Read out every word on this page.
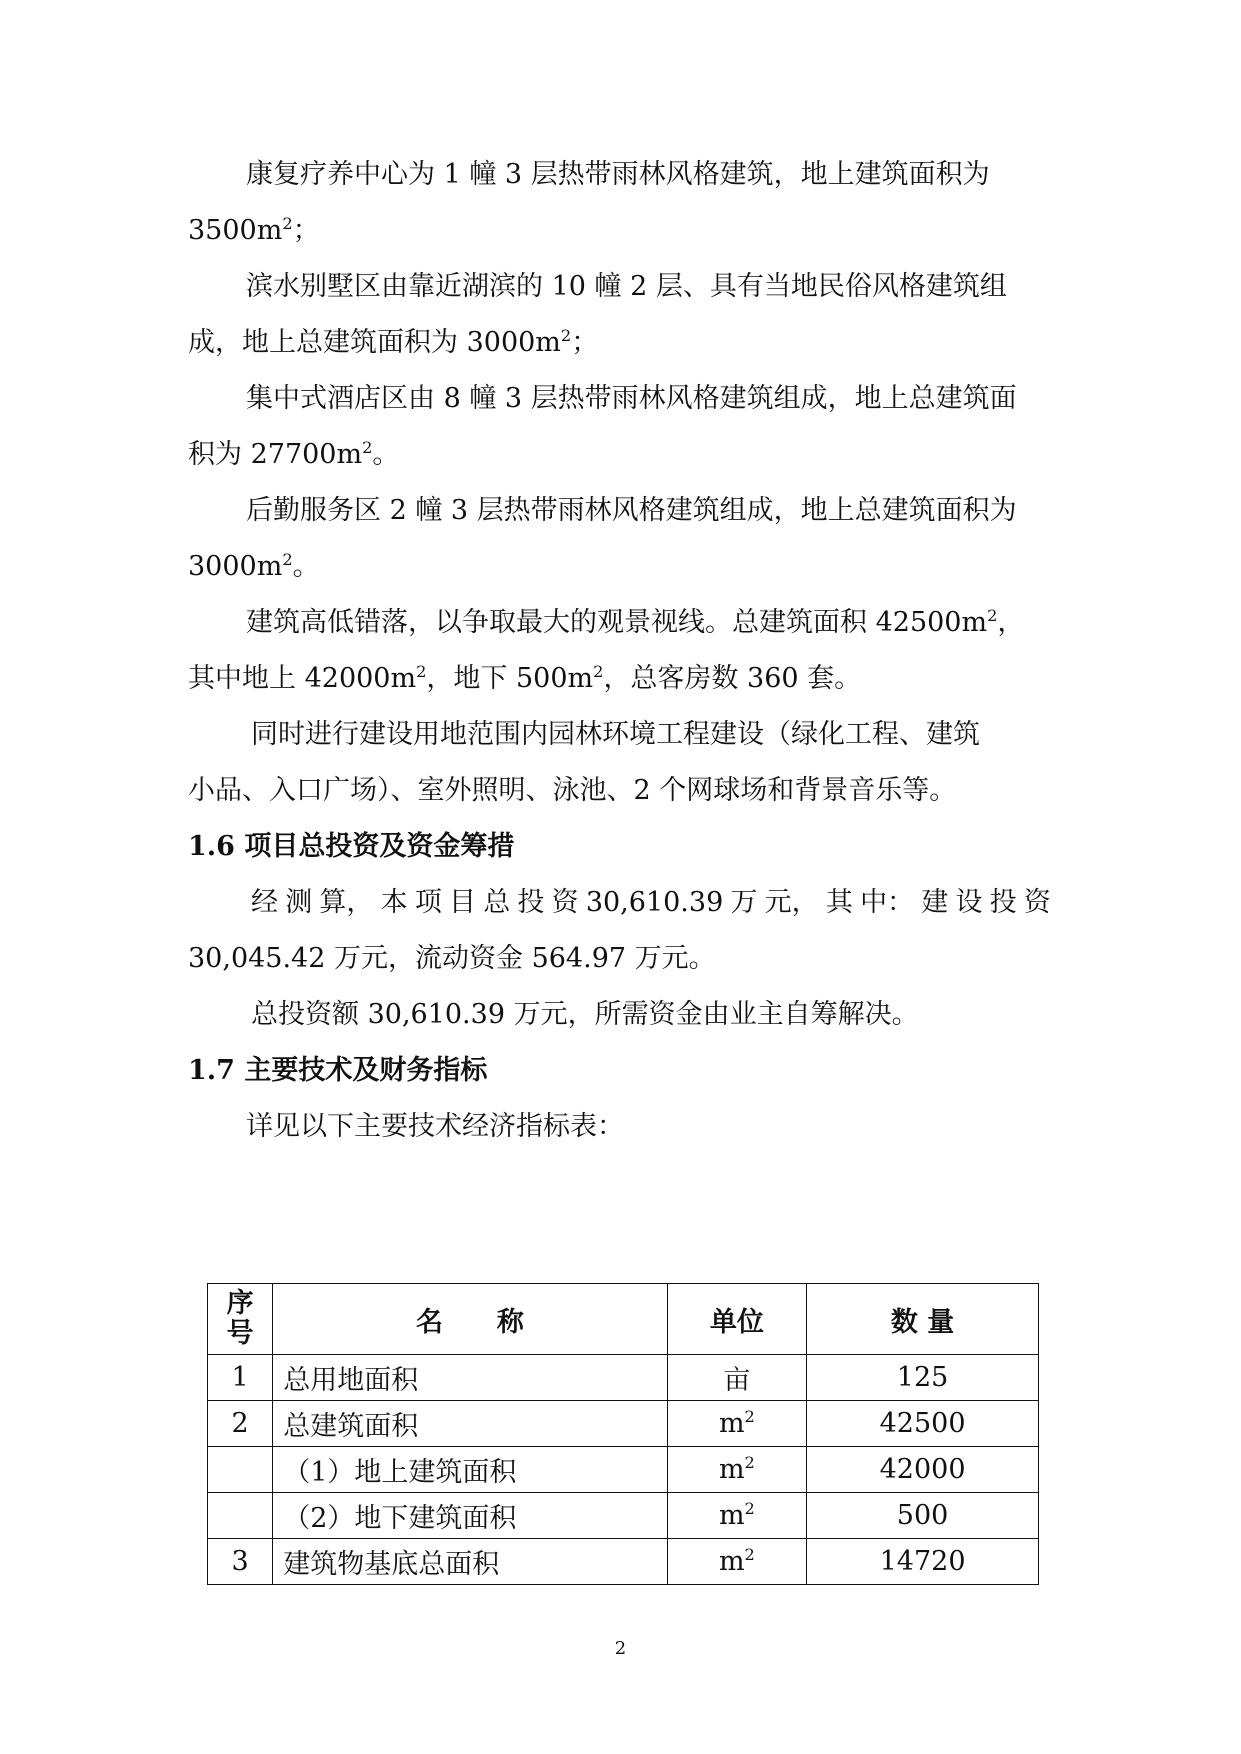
康复疗养中心为 1 幢 3 层热带雨林风格建筑，地上建筑面积为
$3500m^2$；
滨水别墅区由靠近湖滨的 10 幢 2 层、具有当地民俗风格建筑组
成，地上总建筑面积为 $3000m^2$；
集中式酒店区由 8 幢 3 层热带雨林风格建筑组成，地上总建筑面
积为 $27700m^2$。
后勤服务区 2 幢 3 层热带雨林风格建筑组成，地上总建筑面积为
$3000m^2$。
建筑高低错落，以争取最大的观景视线。总建筑面积 $42500m^2$，
其中地上 $42000m^2$，地下 $500m^2$，总客房数 360 套。
同时进行建设用地范围内园林环境工程建设（绿化工程、建筑
小品、入口广场）、室外照明、泳池、2 个网球场和背景音乐等。
1.6 项目总投资及资金筹措
经 测 算， 本 项 目 总 投 资 30,610.39 万 元， 其 中： 建 设 投 资
30,045.42 万元，流动资金 564.97 万元。
总投资额 30,610.39 万元，所需资金由业主自筹解决。
1.7 主要技术及财务指标
详见以下主要技术经济指标表：
序
号	名　　称	单位	数 量
1	总用地面积	亩	125
2	总建筑面积	$m^2$	42500
	（1）地上建筑面积	$m^2$	42000
	（2）地下建筑面积	$m^2$	500
3	建筑物基底总面积	$m^2$	14720
2
